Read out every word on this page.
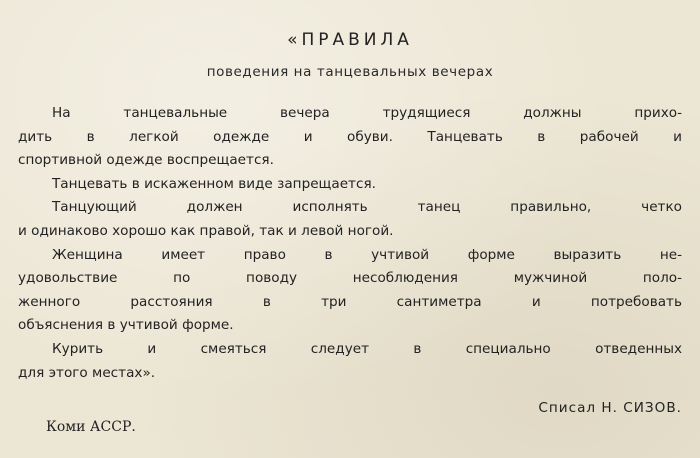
«ПРАВИЛА
поведения на танцевальных вечерах
На танцевальные вечера трудящиеся должны прихо-
дить в легкой одежде и обуви. Танцевать в рабочей и
спортивной одежде воспрещается.
Танцевать в искаженном виде запрещается.
Танцующий должен исполнять танец правильно, четко
и одинаково хорошо как правой, так и левой ногой.
Женщина имеет право в учтивой форме выразить не-
удовольствие по поводу несоблюдения мужчиной поло-
женного расстояния в три сантиметра и потребовать
объяснения в учтивой форме.
Курить и смеяться следует в специально отведенных
для этого местах».
Списал Н. СИЗОВ.
Коми АССР.
